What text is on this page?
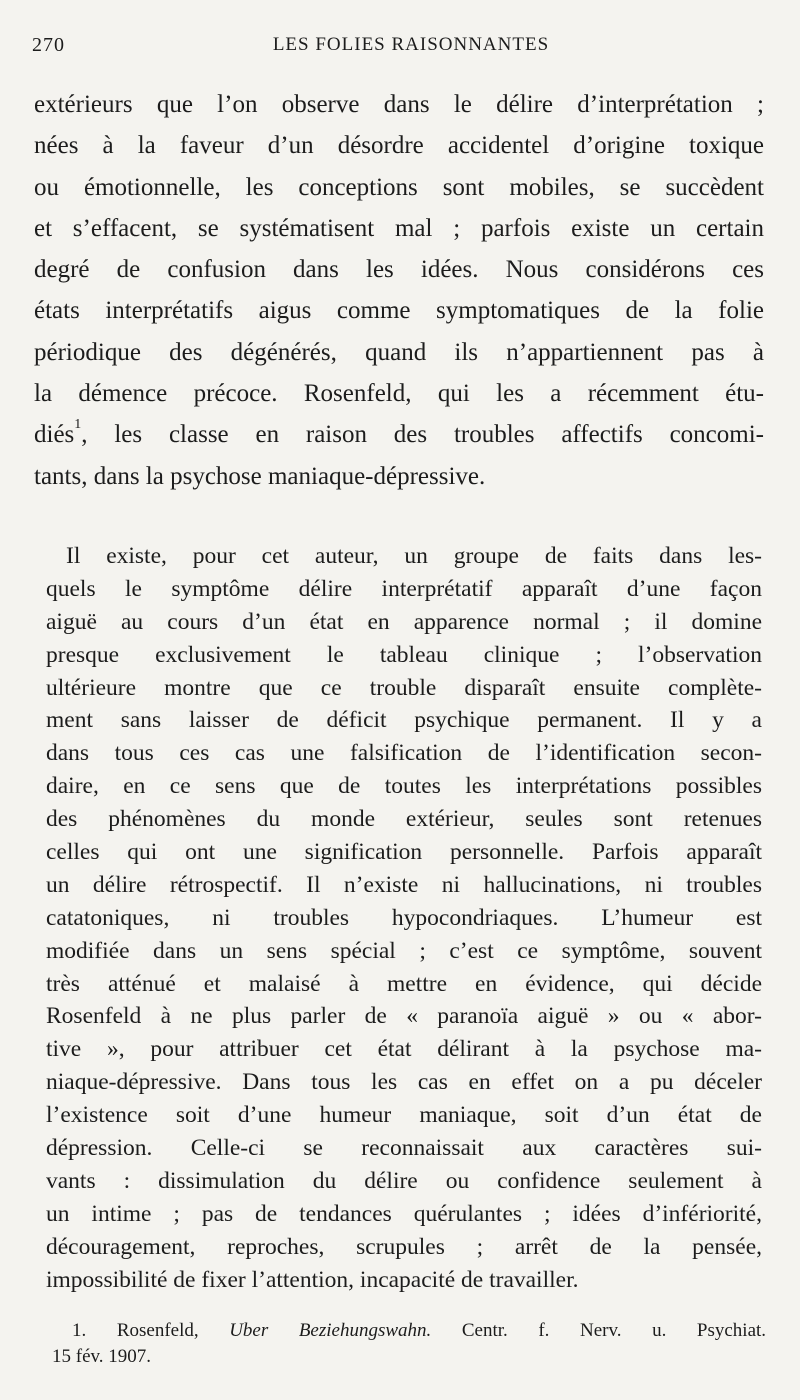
270	LES FOLIES RAISONNANTES
extérieurs que l’on observe dans le délire d’interprétation ;
nées à la faveur d’un désordre accidentel d’origine toxique
ou émotionnelle, les conceptions sont mobiles, se succèdent
et s’effacent, se systématisent mal ; parfois existe un certain
degré de confusion dans les idées. Nous considérons ces
états interprétatifs aigus comme symptomatiques de la folie
périodique des dégénérés, quand ils n’appartiennent pas à
la démence précoce. Rosenfeld, qui les a récemment étu-
diés$^1$, les classe en raison des troubles affectifs concomi-
tants, dans la psychose maniaque-dépressive.
Il existe, pour cet auteur, un groupe de faits dans les-
quels le symptôme délire interprétatif apparaît d’une façon
aiguë au cours d’un état en apparence normal ; il domine
presque exclusivement le tableau clinique ; l’observation
ultérieure montre que ce trouble disparaît ensuite complète-
ment sans laisser de déficit psychique permanent. Il y a
dans tous ces cas une falsification de l’identification secon-
daire, en ce sens que de toutes les interprétations possibles
des phénomènes du monde extérieur, seules sont retenues
celles qui ont une signification personnelle. Parfois apparaît
un délire rétrospectif. Il n’existe ni hallucinations, ni troubles
catatoniques, ni troubles hypocondriaques. L’humeur est
modifiée dans un sens spécial ; c’est ce symptôme, souvent
très atténué et malaisé à mettre en évidence, qui décide
Rosenfeld à ne plus parler de « paranoïa aiguë » ou « abor-
tive », pour attribuer cet état délirant à la psychose ma-
niaque-dépressive. Dans tous les cas en effet on a pu déceler
l’existence soit d’une humeur maniaque, soit d’un état de
dépression. Celle-ci se reconnaissait aux caractères sui-
vants : dissimulation du délire ou confidence seulement à
un intime ; pas de tendances quérulantes ; idées d’infériorité,
découragement, reproches, scrupules ; arrêt de la pensée,
impossibilité de fixer l’attention, incapacité de travailler.
1. Rosenfeld, Uber Beziehungswahn. Centr. f. Nerv. u. Psychiat.
15 fév. 1907.
